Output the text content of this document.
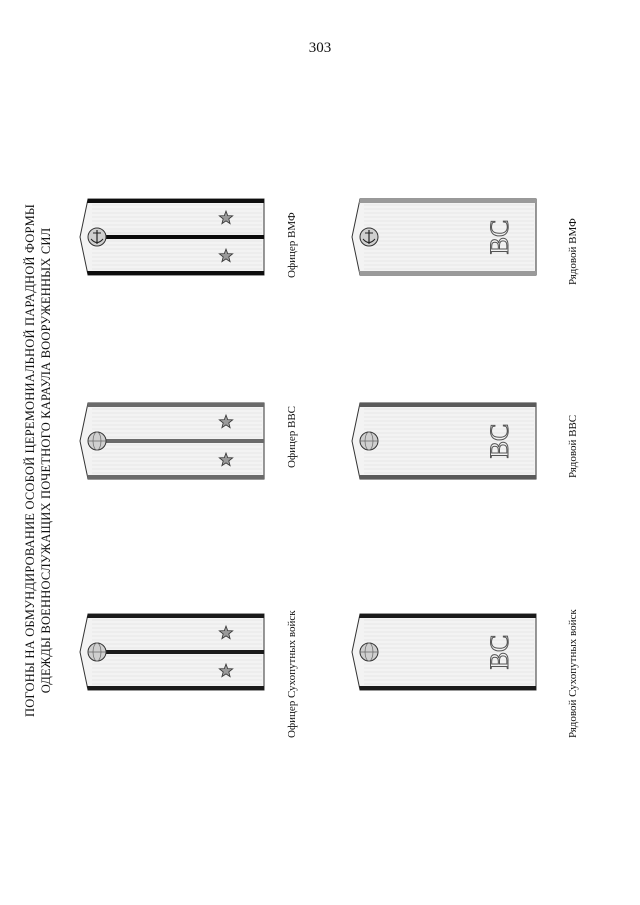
303
ПОГОНЫ НА ОБМУНДИРОВАНИЕ ОСОБОЙ ЦЕРЕМОНИАЛЬНОЙ ПАРАДНОЙ ФОРМЫ ОДЕЖДЫ ВОЕННОСЛУЖАЩИХ ПОЧЕТНОГО КАРАУЛА ВООРУЖЕННЫХ СИЛ	ВС
ВС
ВС
Офицер Сухопутных войск
Офицер ВВС
Офицер ВМФ
Рядовой Сухопутных войск
Рядовой ВВС
Рядовой ВМФ
